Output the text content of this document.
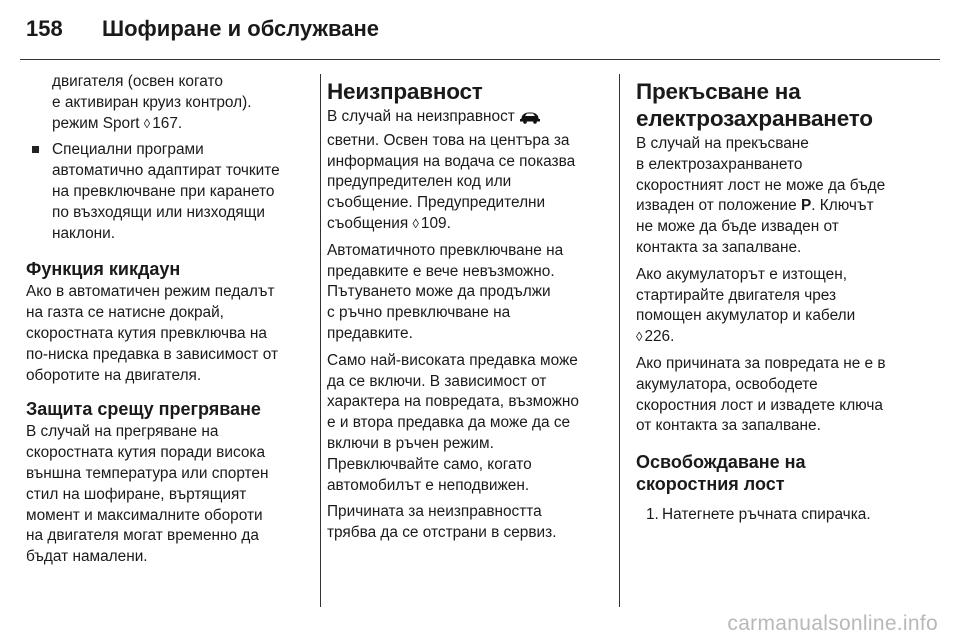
158	Шофиране и обслужване
двигателя (освен когато
е активиран круиз контрол).
режим Sport ◊ 167.
Специални програми
автоматично адаптират точките
на превключване при карането
по възходящи или низходящи
наклони.
Функция кикдаун

Ако в автоматичен режим педалът
на газта се натисне докрай,
скоростната кутия превключва на
по-ниска предавка в зависимост от
оборотите на двигателя.

Защита срещу прегряване

В случай на прегряване на
скоростната кутия поради висока
външна температура или спортен
стил на шофиране, въртящият
момент и максималните обороти
на двигателя могат временно да
бъдат намалени.

Неизправност

В случай на неизправност
светни. Освен това на центъра за
информация на водача се показва
предупредителен код или
съобщение. Предупредителни
съобщения ◊ 109.

Автоматичното превключване на
предавките е вече невъзможно.
Пътуването може да продължи
с ръчно превключване на
предавките.

Само най-високата предавка може
да се включи. В зависимост от
характера на повредата, възможно
е и втора предавка да може да се
включи в ръчен режим.
Превключвайте само, когато
автомобилът е неподвижен.

Причината за неизправността
трябва да се отстрани в сервиз.

Прекъсване на
електрозахранването

В случай на прекъсване
в електрозахранването
скоростният лост не може да бъде
изваден от положение P. Ключът
не може да бъде изваден от
контакта за запалване.

Ако акумулаторът е изтощен,
стартирайте двигателя чрез
помощен акумулатор и кабели
◊ 226.

Ако причината за повредата не е в
акумулатора, освободете
скоростния лост и извадете ключа
от контакта за запалване.

Освобождаване на
скоростния лост
1. Натегнете ръчната спирачка.
carmanualsonline.info
